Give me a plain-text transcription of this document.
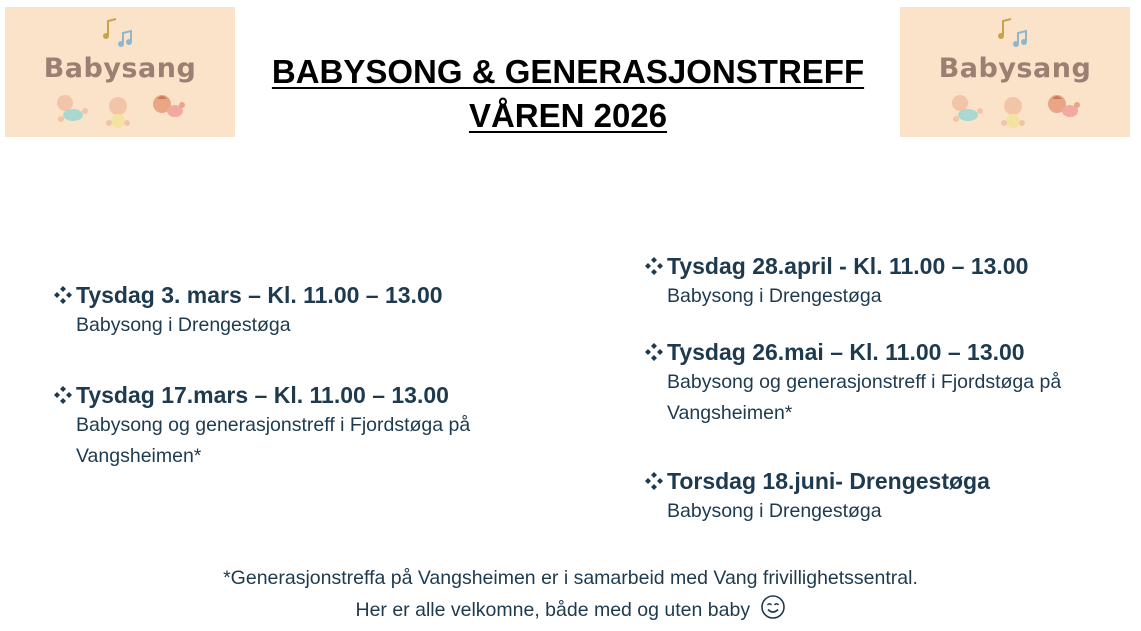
Babysang	Babysang
BABYSONG & GENERASJONSTREFF
VÅREN 2026
Tysdag 3. mars – Kl. 11.00 – 13.00
Babysong i Drengestøga
Tysdag 17.mars – Kl. 11.00 – 13.00
Babysong og generasjonstreff i Fjordstøga på Vangsheimen*
Tysdag 28.april - Kl. 11.00 – 13.00
Babysong i Drengestøga
Tysdag 26.mai – Kl. 11.00 – 13.00
Babysong og generasjonstreff i Fjordstøga på Vangsheimen*
Torsdag 18.juni- Drengestøga
Babysong i Drengestøga
*Generasjonstreffa på Vangsheimen er i samarbeid med Vang frivillighetssentral.
Her er alle velkomne, både med og uten baby
